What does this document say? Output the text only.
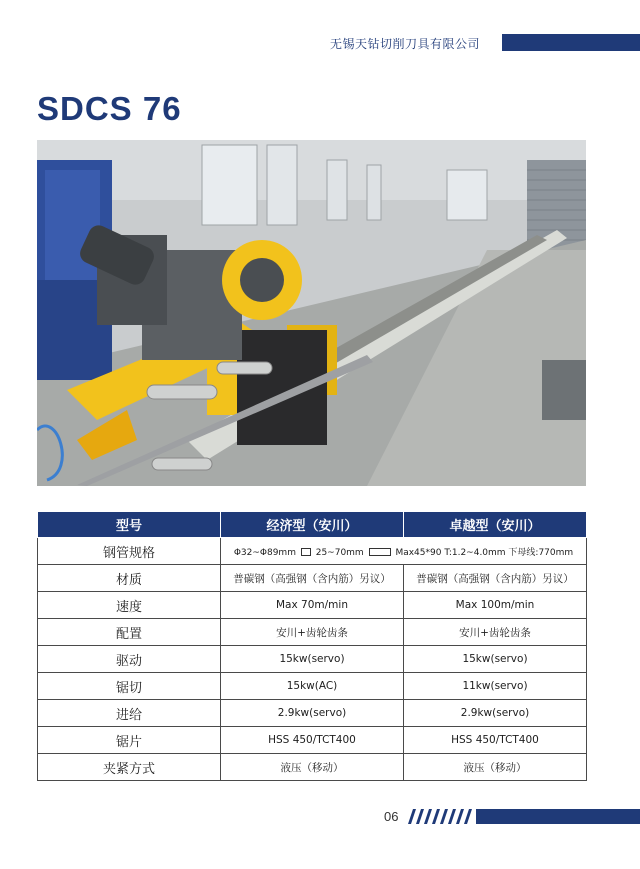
无锡天钻切削刀具有限公司
SDCS 76
型号	经济型（安川）	卓越型（安川）
钢管规格	Φ32~Φ89mm 25~70mm Max45*90 T:1.2~4.0mm 下母线:770mm	
材质	普碳钢（高强钢（含内筋）另议）	普碳钢（高强钢（含内筋）另议）
速度	Max 70m/min	Max 100m/min
配置	安川+齿轮齿条	安川+齿轮齿条
驱动	15kw(servo)	15kw(servo)
锯切	15kw(AC)	11kw(servo)
进给	2.9kw(servo)	2.9kw(servo)
锯片	HSS 450/TCT400	HSS 450/TCT400
夹紧方式	液压（移动）	液压（移动）
06
